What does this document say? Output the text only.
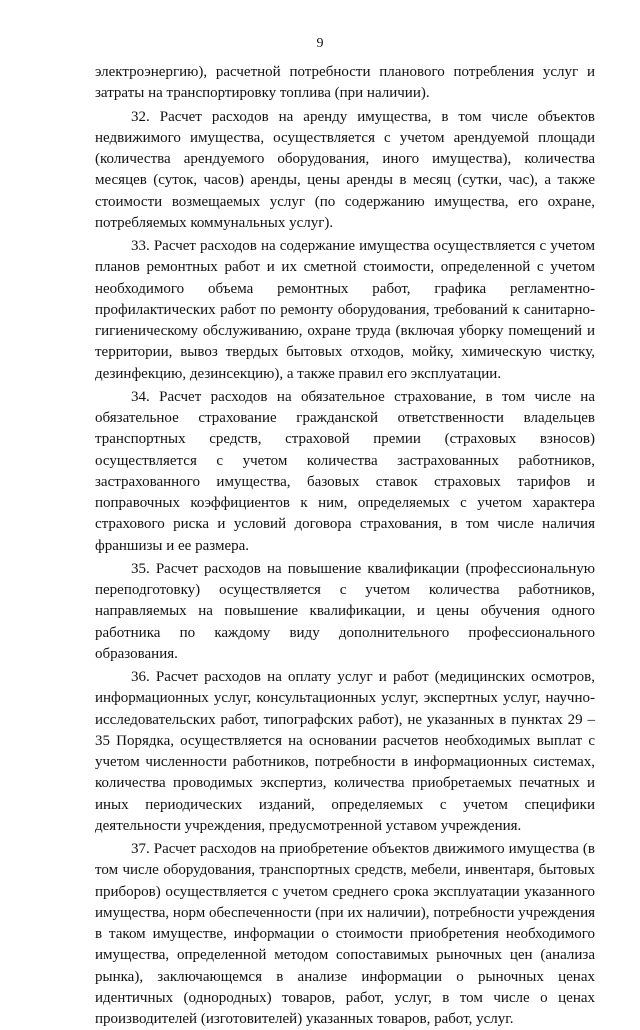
9

электроэнергию), расчетной потребности планового потребления услуг и затраты на транспортировку топлива (при наличии).

32. Расчет расходов на аренду имущества, в том числе объектов недвижимого имущества, осуществляется с учетом арендуемой площади (количества арендуемого оборудования, иного имущества), количества месяцев (суток, часов) аренды, цены аренды в месяц (сутки, час), а также стоимости возмещаемых услуг (по содержанию имущества, его охране, потребляемых коммунальных услуг).

33. Расчет расходов на содержание имущества осуществляется с учетом планов ремонтных работ и их сметной стоимости, определенной с учетом необходимого объема ремонтных работ, графика регламентно-профилактических работ по ремонту оборудования, требований к санитарно-гигиеническому обслуживанию, охране труда (включая уборку помещений и территории, вывоз твердых бытовых отходов, мойку, химическую чистку, дезинфекцию, дезинсекцию), а также правил его эксплуатации.

34. Расчет расходов на обязательное страхование, в том числе на обязательное страхование гражданской ответственности владельцев транспортных средств, страховой премии (страховых взносов) осуществляется с учетом количества застрахованных работников, застрахованного имущества, базовых ставок страховых тарифов и поправочных коэффициентов к ним, определяемых с учетом характера страхового риска и условий договора страхования, в том числе наличия франшизы и ее размера.

35. Расчет расходов на повышение квалификации (профессиональную переподготовку) осуществляется с учетом количества работников, направляемых на повышение квалификации, и цены обучения одного работника по каждому виду дополнительного профессионального образования.

36. Расчет расходов на оплату услуг и работ (медицинских осмотров, информационных услуг, консультационных услуг, экспертных услуг, научно-исследовательских работ, типографских работ), не указанных в пунктах 29 – 35 Порядка, осуществляется на основании расчетов необходимых выплат с учетом численности работников, потребности в информационных системах, количества проводимых экспертиз, количества приобретаемых печатных и иных периодических изданий, определяемых с учетом специфики деятельности учреждения, предусмотренной уставом учреждения.

37. Расчет расходов на приобретение объектов движимого имущества (в том числе оборудования, транспортных средств, мебели, инвентаря, бытовых приборов) осуществляется с учетом среднего срока эксплуатации указанного имущества, норм обеспеченности (при их наличии), потребности учреждения в таком имуществе, информации о стоимости приобретения необходимого имущества, определенной методом сопоставимых рыночных цен (анализа рынка), заключающемся в анализе информации о рыночных ценах идентичных (однородных) товаров, работ, услуг, в том числе о ценах производителей (изготовителей) указанных товаров, работ, услуг.
